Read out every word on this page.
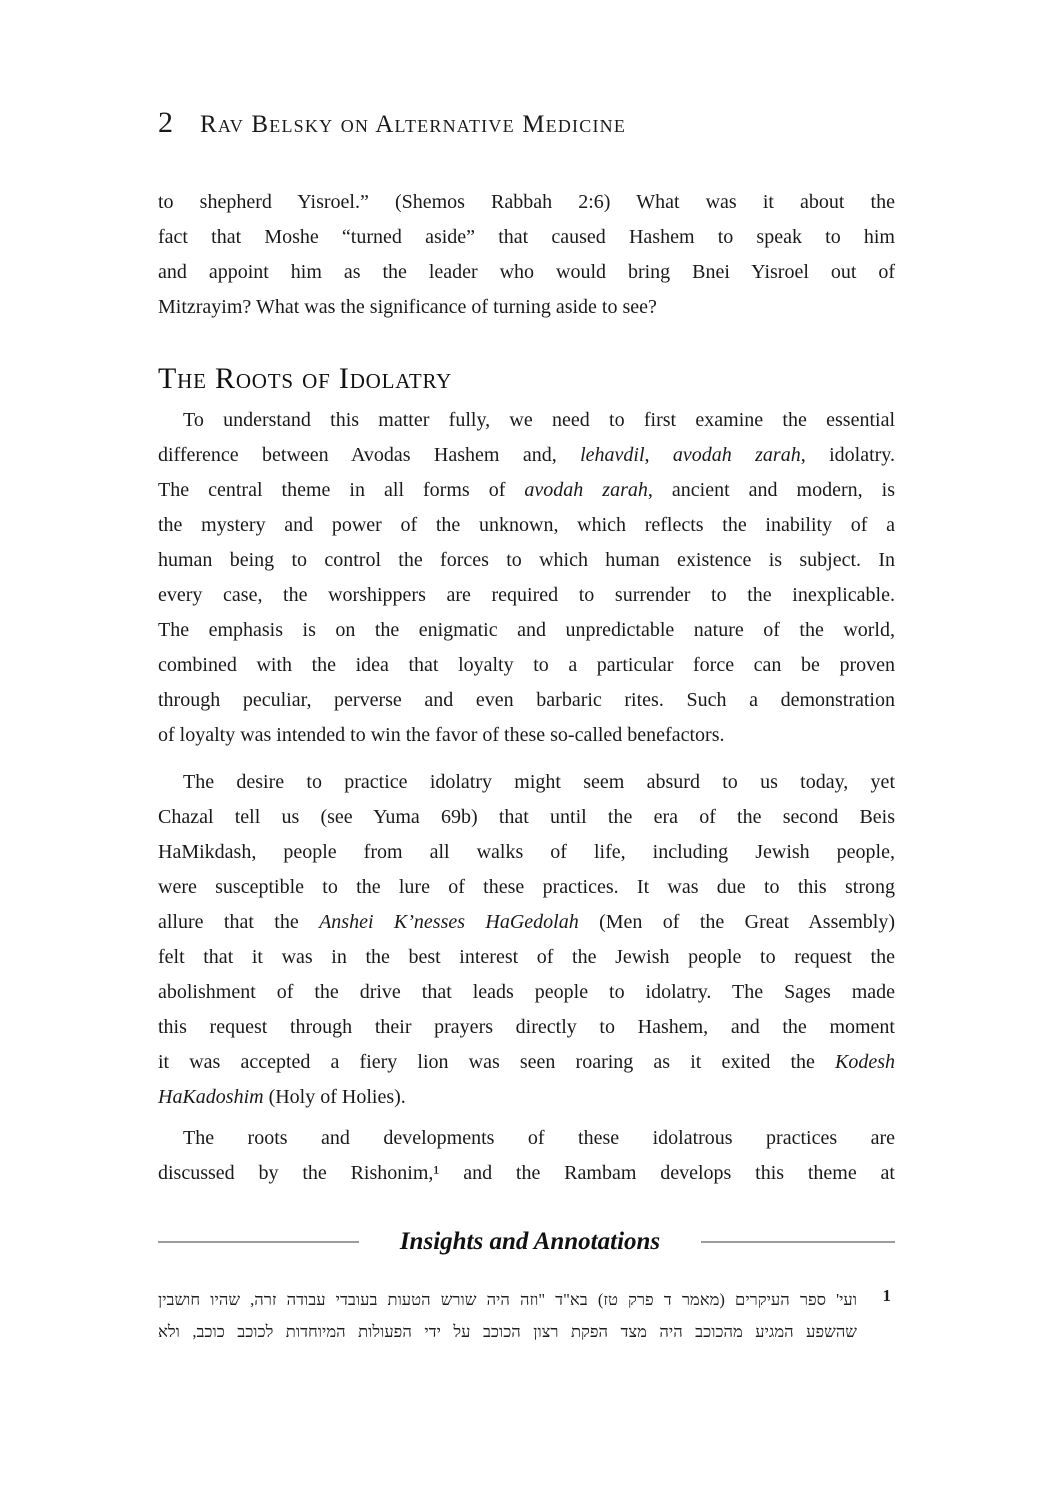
2 Rav Belsky on Alternative Medicine
to shepherd Yisroel.” (Shemos Rabbah 2:6) What was it about the
fact that Moshe “turned aside” that caused Hashem to speak to him
and appoint him as the leader who would bring Bnei Yisroel out of
Mitzrayim? What was the significance of turning aside to see?
The Roots of Idolatry
To understand this matter fully, we need to first examine the essential
difference between Avodas Hashem and, lehavdil, avodah zarah, idolatry.
The central theme in all forms of avodah zarah, ancient and modern, is
the mystery and power of the unknown, which reflects the inability of a
human being to control the forces to which human existence is subject. In
every case, the worshippers are required to surrender to the inexplicable.
The emphasis is on the enigmatic and unpredictable nature of the world,
combined with the idea that loyalty to a particular force can be proven
through peculiar, perverse and even barbaric rites. Such a demonstration
of loyalty was intended to win the favor of these so-called benefactors.
The desire to practice idolatry might seem absurd to us today, yet
Chazal tell us (see Yuma 69b) that until the era of the second Beis
HaMikdash, people from all walks of life, including Jewish people,
were susceptible to the lure of these practices. It was due to this strong
allure that the Anshei K’nesses HaGedolah (Men of the Great Assembly)
felt that it was in the best interest of the Jewish people to request the
abolishment of the drive that leads people to idolatry. The Sages made
this request through their prayers directly to Hashem, and the moment
it was accepted a fiery lion was seen roaring as it exited the Kodesh
HaKadoshim (Holy of Holies).
The roots and developments of these idolatrous practices are
discussed by the Rishonim,¹ and the Rambam develops this theme at
Insights and Annotations
1
ועי' ספר העיקרים (מאמר ד פרק טז) בא"ד "וזה היה שורש הטעות בעובדי עבודה זרה, שהיו חושבין
שהשפע המגיע מהכוכב היה מצד הפקת רצון הכוכב על ידי הפעולות המיוחדות לכוכב כוכב, ולא
